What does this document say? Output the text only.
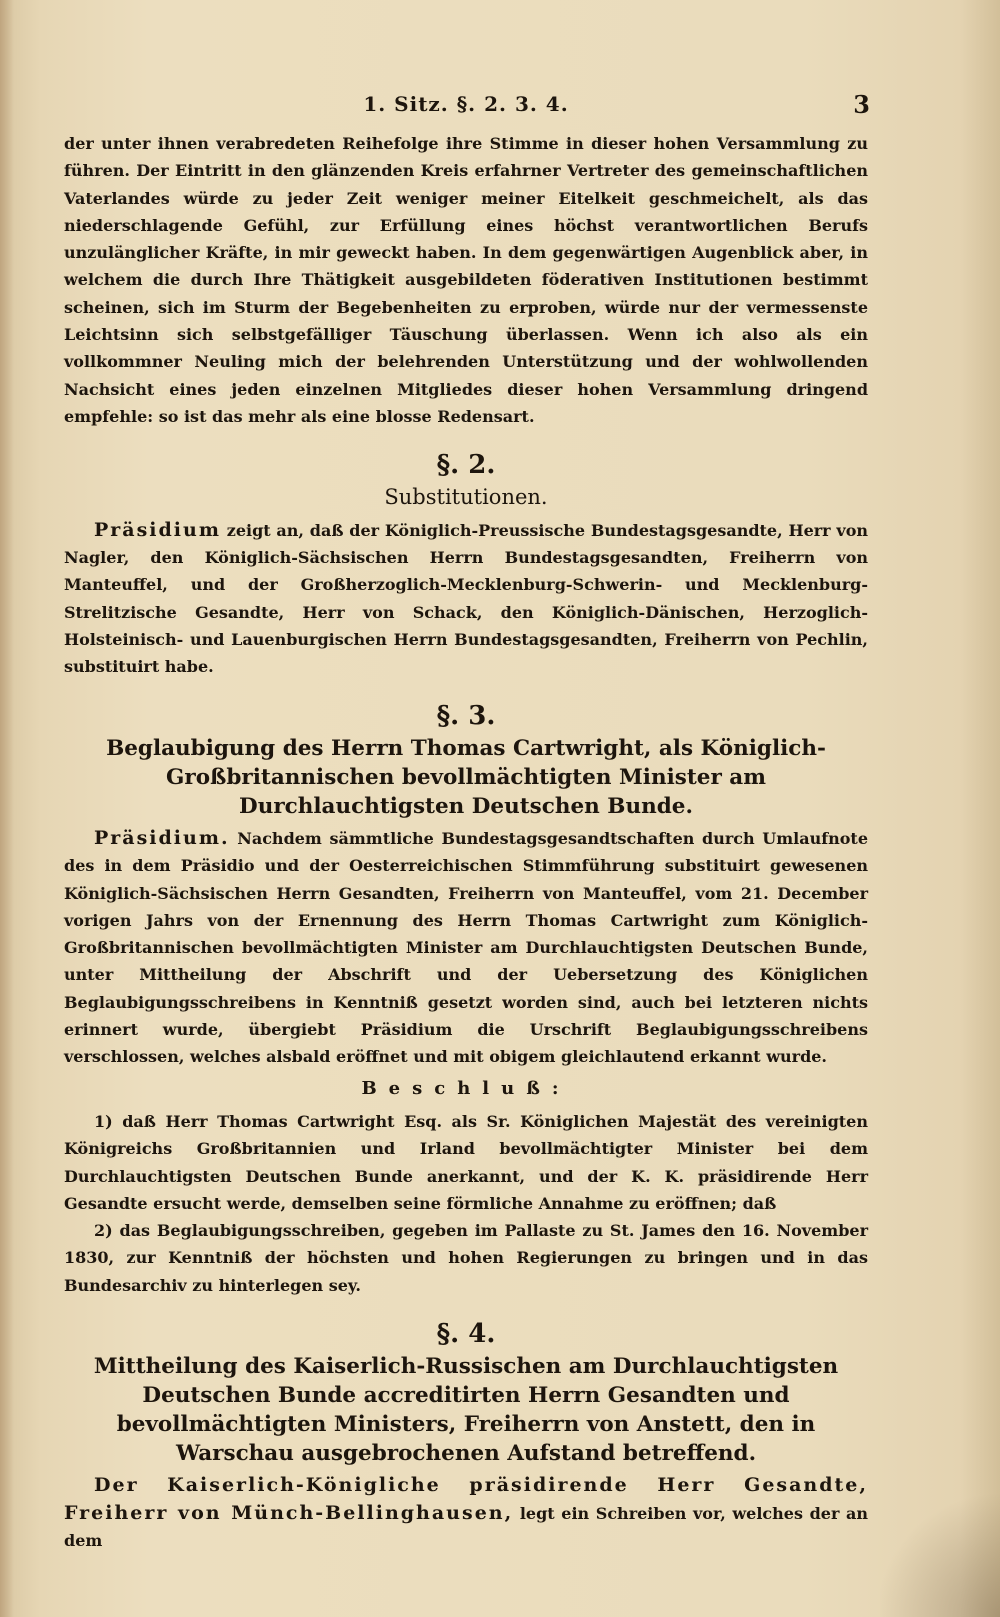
1. Sitz. §. 2. 3. 4.	3

der unter ihnen verabredeten Reihefolge ihre Stimme in dieser hohen Versammlung zu führen. Der Eintritt in den glänzenden Kreis erfahrner Vertreter des gemeinschaftlichen Vaterlandes würde zu jeder Zeit weniger meiner Eitelkeit geschmeichelt, als das niederschlagende Gefühl, zur Erfüllung eines höchst verantwortlichen Berufs unzulänglicher Kräfte, in mir geweckt haben. In dem gegenwärtigen Augenblick aber, in welchem die durch Ihre Thätigkeit ausgebildeten föderativen Institutionen bestimmt scheinen, sich im Sturm der Begebenheiten zu erproben, würde nur der vermessenste Leichtsinn sich selbstgefälliger Täuschung überlassen. Wenn ich also als ein vollkommner Neuling mich der belehrenden Unterstützung und der wohlwollenden Nachsicht eines jeden einzelnen Mitgliedes dieser hohen Versammlung dringend empfehle: so ist das mehr als eine blosse Redensart.

§. 2.
Substitutionen.

Präsidium zeigt an, daß der Königlich-Preussische Bundestagsgesandte, Herr von Nagler, den Königlich-Sächsischen Herrn Bundestagsgesandten, Freiherrn von Manteuffel, und der Großherzoglich-Mecklenburg-Schwerin- und Mecklenburg-Strelitzische Gesandte, Herr von Schack, den Königlich-Dänischen, Herzoglich-Holsteinisch- und Lauenburgischen Herrn Bundestagsgesandten, Freiherrn von Pechlin, substituirt habe.

§. 3.
Beglaubigung des Herrn Thomas Cartwright, als Königlich-Großbritannischen bevollmächtigten Minister am Durchlauchtigsten Deutschen Bunde.

Präsidium. Nachdem sämmtliche Bundestagsgesandtschaften durch Umlaufnote des in dem Präsidio und der Oesterreichischen Stimmführung substituirt gewesenen Königlich-Sächsischen Herrn Gesandten, Freiherrn von Manteuffel, vom 21. December vorigen Jahrs von der Ernennung des Herrn Thomas Cartwright zum Königlich-Großbritannischen bevollmächtigten Minister am Durchlauchtigsten Deutschen Bunde, unter Mittheilung der Abschrift und der Uebersetzung des Königlichen Beglaubigungsschreibens in Kenntniß gesetzt worden sind, auch bei letzteren nichts erinnert wurde, übergiebt Präsidium die Urschrift Beglaubigungsschreibens verschlossen, welches alsbald eröffnet und mit obigem gleichlautend erkannt wurde.

Beschluß:

1) daß Herr Thomas Cartwright Esq. als Sr. Königlichen Majestät des vereinigten Königreichs Großbritannien und Irland bevollmächtigter Minister bei dem Durchlauchtigsten Deutschen Bunde anerkannt, und der K. K. präsidirende Herr Gesandte ersucht werde, demselben seine förmliche Annahme zu eröffnen; daß

2) das Beglaubigungsschreiben, gegeben im Pallaste zu St. James den 16. November 1830, zur Kenntniß der höchsten und hohen Regierungen zu bringen und in das Bundesarchiv zu hinterlegen sey.

§. 4.
Mittheilung des Kaiserlich-Russischen am Durchlauchtigsten Deutschen Bunde accreditirten Herrn Gesandten und bevollmächtigten Ministers, Freiherrn von Anstett, den in Warschau ausgebrochenen Aufstand betreffend.

Der Kaiserlich-Königliche präsidirende Herr Gesandte, Freiherr von Münch-Bellinghausen, legt ein Schreiben vor, welches der an dem
